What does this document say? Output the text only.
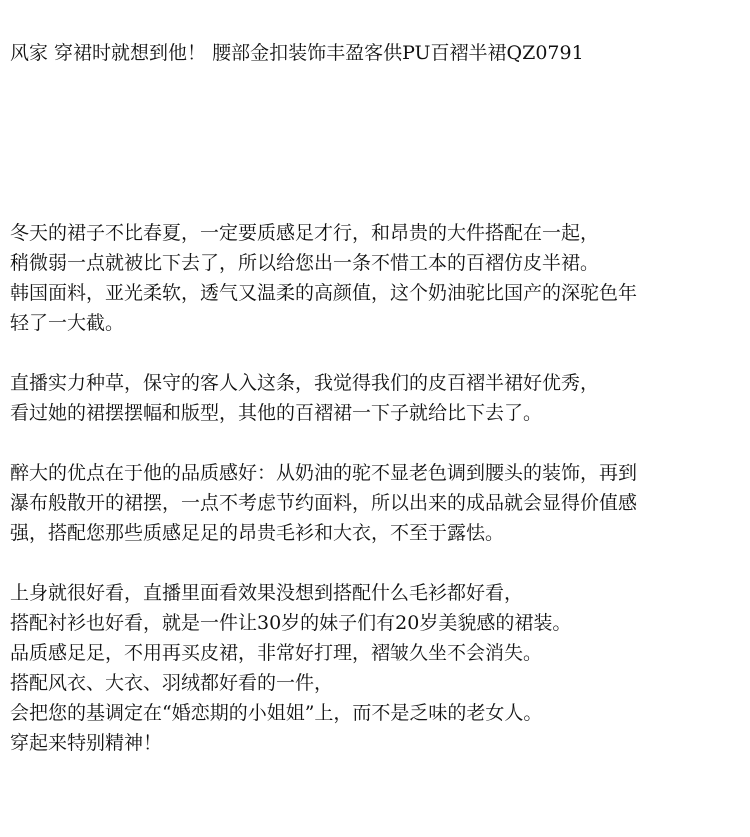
风家 穿裙时就想到他！ 腰部金扣装饰丰盈客供PU百褶半裙QZ0791

冬天的裙子不比春夏，一定要质感足才行，和昂贵的大件搭配在一起，
稍微弱一点就被比下去了，所以给您出一条不惜工本的百褶仿皮半裙。
韩国面料，亚光柔软，透气又温柔的高颜值，这个奶油驼比国产的深驼色年
轻了一大截。

直播实力种草，保守的客人入这条，我觉得我们的皮百褶半裙好优秀，
看过她的裙摆摆幅和版型，其他的百褶裙一下子就给比下去了。

醉大的优点在于他的品质感好：从奶油的驼不显老色调到腰头的装饰，再到
瀑布般散开的裙摆，一点不考虑节约面料，所以出来的成品就会显得价值感
强，搭配您那些质感足足的昂贵毛衫和大衣，不至于露怯。

上身就很好看，直播里面看效果没想到搭配什么毛衫都好看，
搭配衬衫也好看，就是一件让30岁的妹子们有20岁美貌感的裙装。
品质感足足，不用再买皮裙，非常好打理，褶皱久坐不会消失。
搭配风衣、大衣、羽绒都好看的一件，
会把您的基调定在“婚恋期的小姐姐”上，而不是乏味的老女人。
穿起来特别精神！
